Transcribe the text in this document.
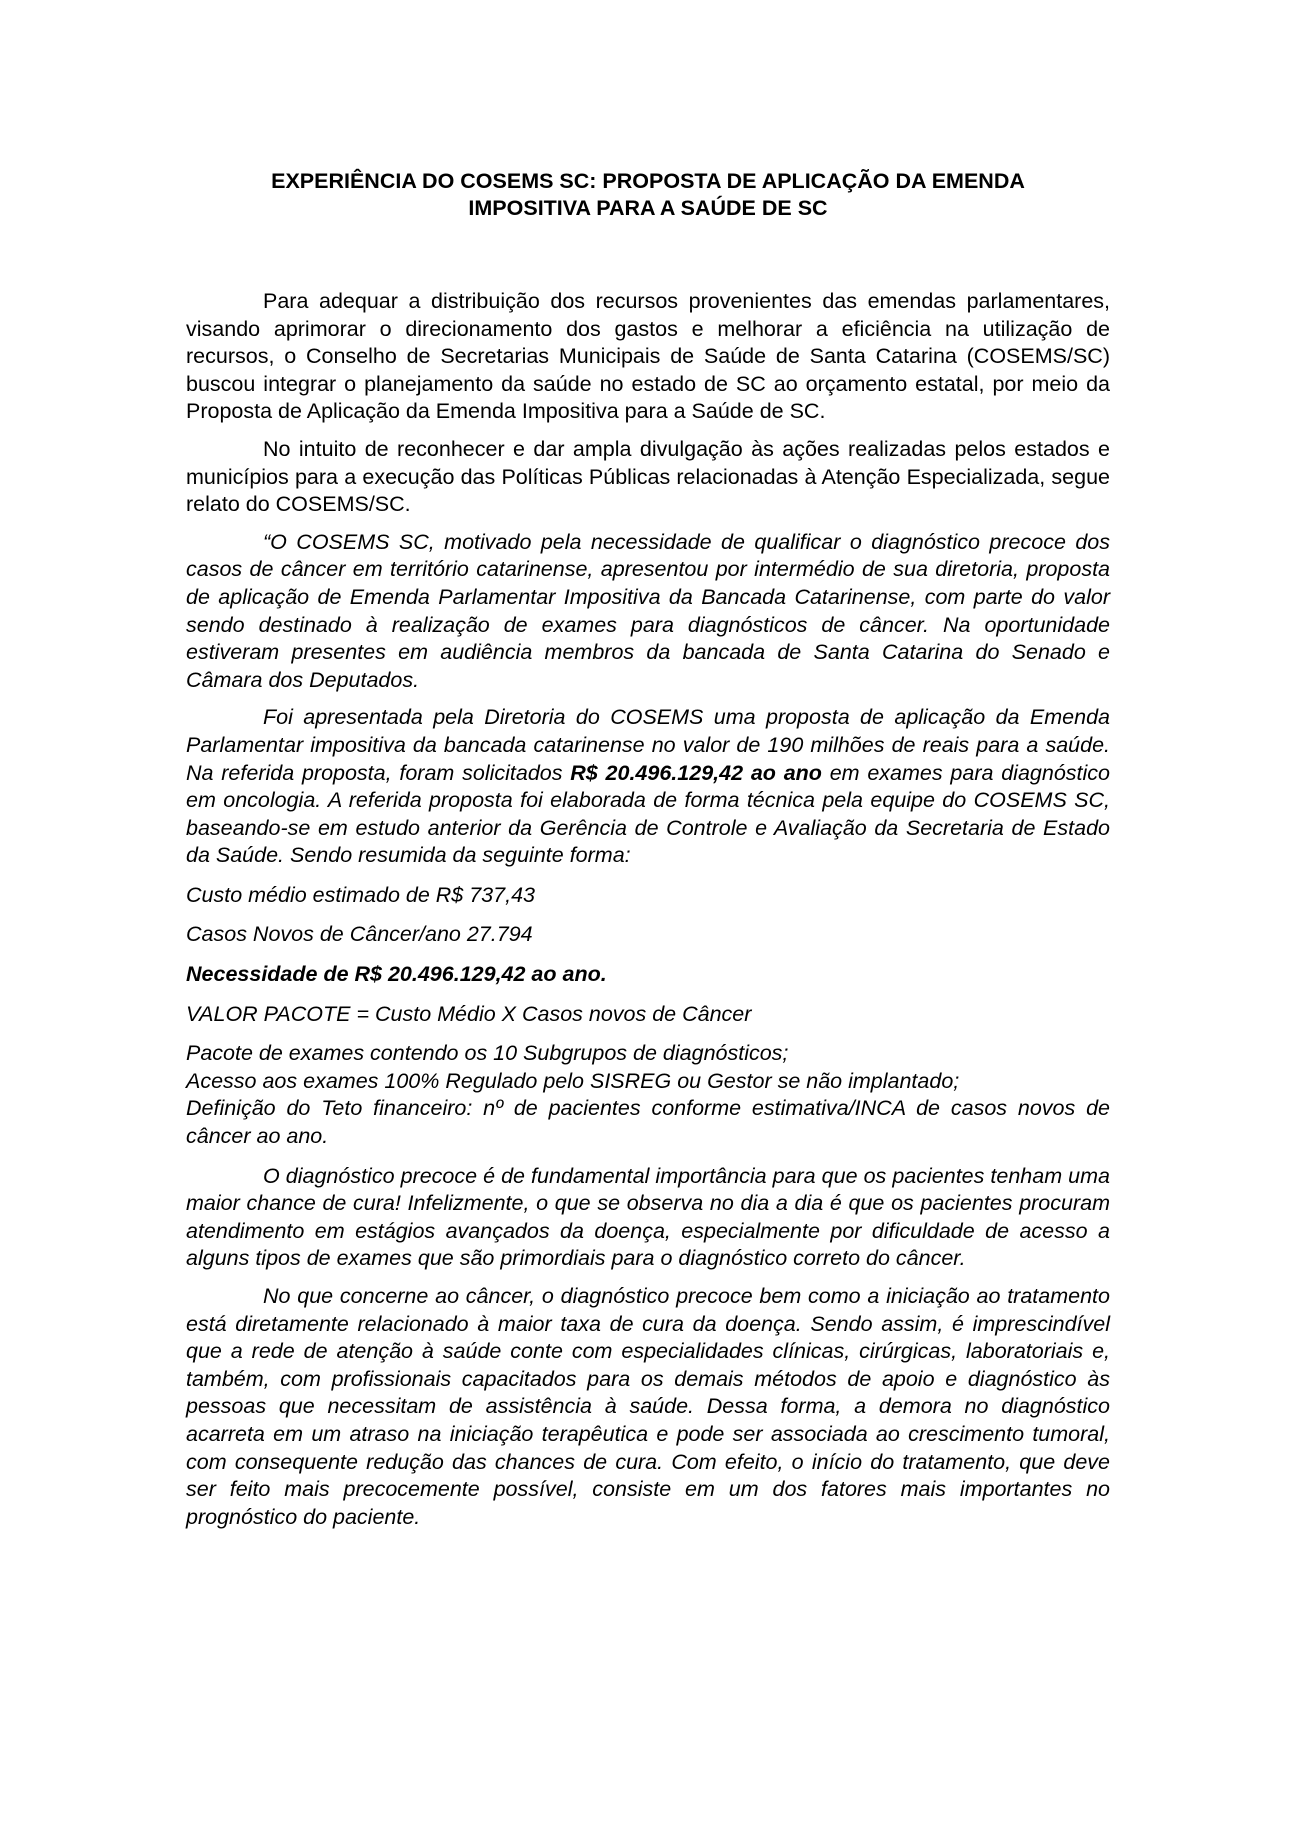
EXPERIÊNCIA DO COSEMS SC: PROPOSTA DE APLICAÇÃO DA EMENDA
IMPOSITIVA PARA A SAÚDE DE SC

Para adequar a distribuição dos recursos provenientes das emendas parlamentares, visando aprimorar o direcionamento dos gastos e melhorar a eficiência na utilização de recursos, o Conselho de Secretarias Municipais de Saúde de Santa Catarina (COSEMS/SC) buscou integrar o planejamento da saúde no estado de SC ao orçamento estatal, por meio da Proposta de Aplicação da Emenda Impositiva para a Saúde de SC.

No intuito de reconhecer e dar ampla divulgação às ações realizadas pelos estados e municípios para a execução das Políticas Públicas relacionadas à Atenção Especializada, segue relato do COSEMS/SC.

“O COSEMS SC, motivado pela necessidade de qualificar o diagnóstico precoce dos casos de câncer em território catarinense, apresentou por intermédio de sua diretoria, proposta de aplicação de Emenda Parlamentar Impositiva da Bancada Catarinense, com parte do valor sendo destinado à realização de exames para diagnósticos de câncer. Na oportunidade estiveram presentes em audiência membros da bancada de Santa Catarina do Senado e Câmara dos Deputados.

Foi apresentada pela Diretoria do COSEMS uma proposta de aplicação da Emenda Parlamentar impositiva da bancada catarinense no valor de 190 milhões de reais para a saúde. Na referida proposta, foram solicitados R$ 20.496.129,42 ao ano em exames para diagnóstico em oncologia. A referida proposta foi elaborada de forma técnica pela equipe do COSEMS SC, baseando-se em estudo anterior da Gerência de Controle e Avaliação da Secretaria de Estado da Saúde. Sendo resumida da seguinte forma:

Custo médio estimado de R$ 737,43

Casos Novos de Câncer/ano 27.794

Necessidade de R$ 20.496.129,42 ao ano.

VALOR PACOTE = Custo Médio X Casos novos de Câncer

Pacote de exames contendo os 10 Subgrupos de diagnósticos;

Acesso aos exames 100% Regulado pelo SISREG ou Gestor se não implantado;

Definição do Teto financeiro: nº de pacientes conforme estimativa/INCA de casos novos de câncer ao ano.

O diagnóstico precoce é de fundamental importância para que os pacientes tenham uma maior chance de cura! Infelizmente, o que se observa no dia a dia é que os pacientes procuram atendimento em estágios avançados da doença, especialmente por dificuldade de acesso a alguns tipos de exames que são primordiais para o diagnóstico correto do câncer.

No que concerne ao câncer, o diagnóstico precoce bem como a iniciação ao tratamento está diretamente relacionado à maior taxa de cura da doença. Sendo assim, é imprescindível que a rede de atenção à saúde conte com especialidades clínicas, cirúrgicas, laboratoriais e, também, com profissionais capacitados para os demais métodos de apoio e diagnóstico às pessoas que necessitam de assistência à saúde. Dessa forma, a demora no diagnóstico acarreta em um atraso na iniciação terapêutica e pode ser associada ao crescimento tumoral, com consequente redução das chances de cura. Com efeito, o início do tratamento, que deve ser feito mais precocemente possível, consiste em um dos fatores mais importantes no prognóstico do paciente.
